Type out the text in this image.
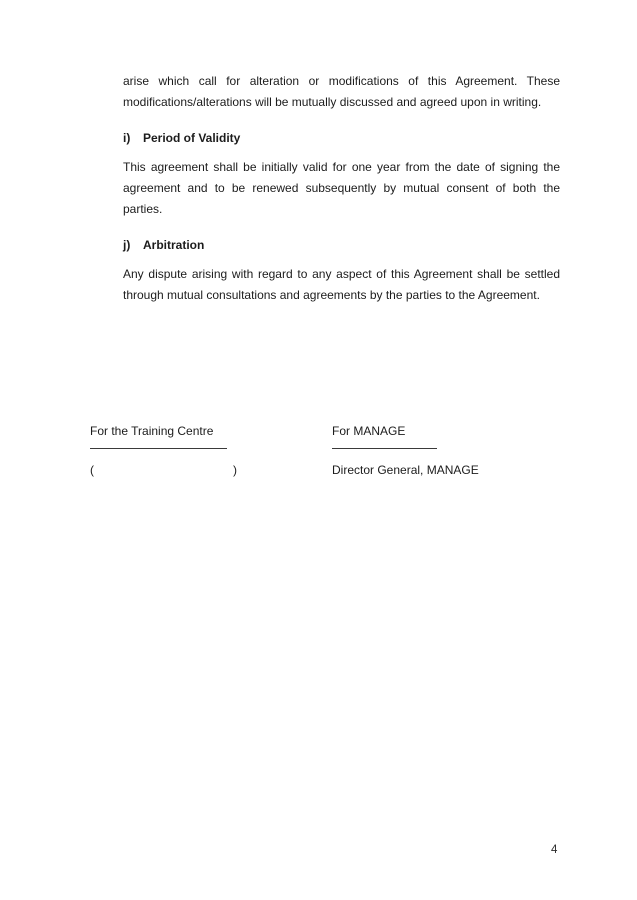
arise which call for alteration or modifications of this Agreement. These modifications/alterations will be mutually discussed and agreed upon in writing.

i) Period of Validity

This agreement shall be initially valid for one year from the date of signing the agreement and to be renewed subsequently by mutual consent of both the parties.

j) Arbitration

Any dispute arising with regard to any aspect of this Agreement shall be settled through mutual consultations and agreements by the parties to the Agreement.

For the Training Centre
(	)
For MANAGE
Director General, MANAGE
4
